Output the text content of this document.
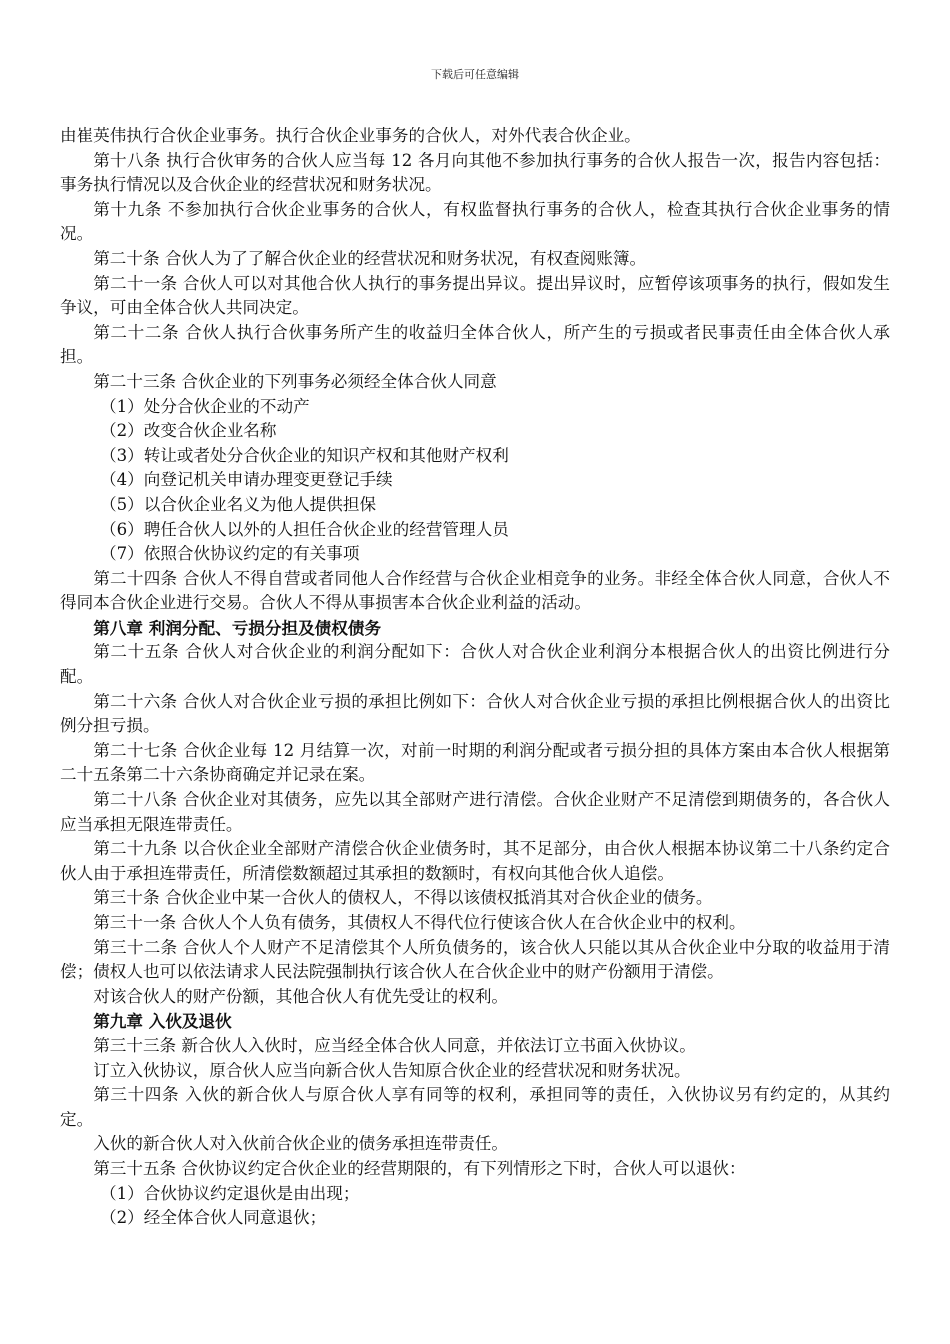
下载后可任意编辑

由崔英伟执行合伙企业事务。执行合伙企业事务的合伙人，对外代表合伙企业。

第十八条 执行合伙审务的合伙人应当每 12 各月向其他不参加执行事务的合伙人报告一次，报告内容包括：事务执行情况以及合伙企业的经营状况和财务状况。

第十九条 不参加执行合伙企业事务的合伙人，有权监督执行事务的合伙人，检查其执行合伙企业事务的情况。

第二十条 合伙人为了了解合伙企业的经营状况和财务状况，有权查阅账簿。

第二十一条 合伙人可以对其他合伙人执行的事务提出异议。提出异议时，应暂停该项事务的执行，假如发生争议，可由全体合伙人共同决定。

第二十二条 合伙人执行合伙事务所产生的收益归全体合伙人，所产生的亏损或者民事责任由全体合伙人承担。

第二十三条 合伙企业的下列事务必须经全体合伙人同意

（1）处分合伙企业的不动产

（2）改变合伙企业名称

（3）转让或者处分合伙企业的知识产权和其他财产权利

（4）向登记机关申请办理变更登记手续

（5）以合伙企业名义为他人提供担保

（6）聘任合伙人以外的人担任合伙企业的经营管理人员

（7）依照合伙协议约定的有关事项

第二十四条 合伙人不得自营或者同他人合作经营与合伙企业相竞争的业务。非经全体合伙人同意，合伙人不得同本合伙企业进行交易。合伙人不得从事损害本合伙企业利益的活动。

第八章 利润分配、亏损分担及债权债务

第二十五条 合伙人对合伙企业的利润分配如下：合伙人对合伙企业利润分本根据合伙人的出资比例进行分配。

第二十六条 合伙人对合伙企业亏损的承担比例如下：合伙人对合伙企业亏损的承担比例根据合伙人的出资比例分担亏损。

第二十七条 合伙企业每 12 月结算一次，对前一时期的利润分配或者亏损分担的具体方案由本合伙人根据第二十五条第二十六条协商确定并记录在案。

第二十八条 合伙企业对其债务，应先以其全部财产进行清偿。合伙企业财产不足清偿到期债务的，各合伙人应当承担无限连带责任。

第二十九条 以合伙企业全部财产清偿合伙企业债务时，其不足部分，由合伙人根据本协议第二十八条约定合伙人由于承担连带责任，所清偿数额超过其承担的数额时，有权向其他合伙人追偿。

第三十条 合伙企业中某一合伙人的债权人，不得以该债权抵消其对合伙企业的债务。

第三十一条 合伙人个人负有债务，其债权人不得代位行使该合伙人在合伙企业中的权利。

第三十二条 合伙人个人财产不足清偿其个人所负债务的，该合伙人只能以其从合伙企业中分取的收益用于清偿；债权人也可以依法请求人民法院强制执行该合伙人在合伙企业中的财产份额用于清偿。

对该合伙人的财产份额，其他合伙人有优先受让的权利。

第九章 入伙及退伙

第三十三条 新合伙人入伙时，应当经全体合伙人同意，并依法订立书面入伙协议。

订立入伙协议，原合伙人应当向新合伙人告知原合伙企业的经营状况和财务状况。

第三十四条 入伙的新合伙人与原合伙人享有同等的权利，承担同等的责任，入伙协议另有约定的，从其约定。

入伙的新合伙人对入伙前合伙企业的债务承担连带责任。

第三十五条 合伙协议约定合伙企业的经营期限的，有下列情形之下时，合伙人可以退伙：

（1）合伙协议约定退伙是由出现；

（2）经全体合伙人同意退伙；
